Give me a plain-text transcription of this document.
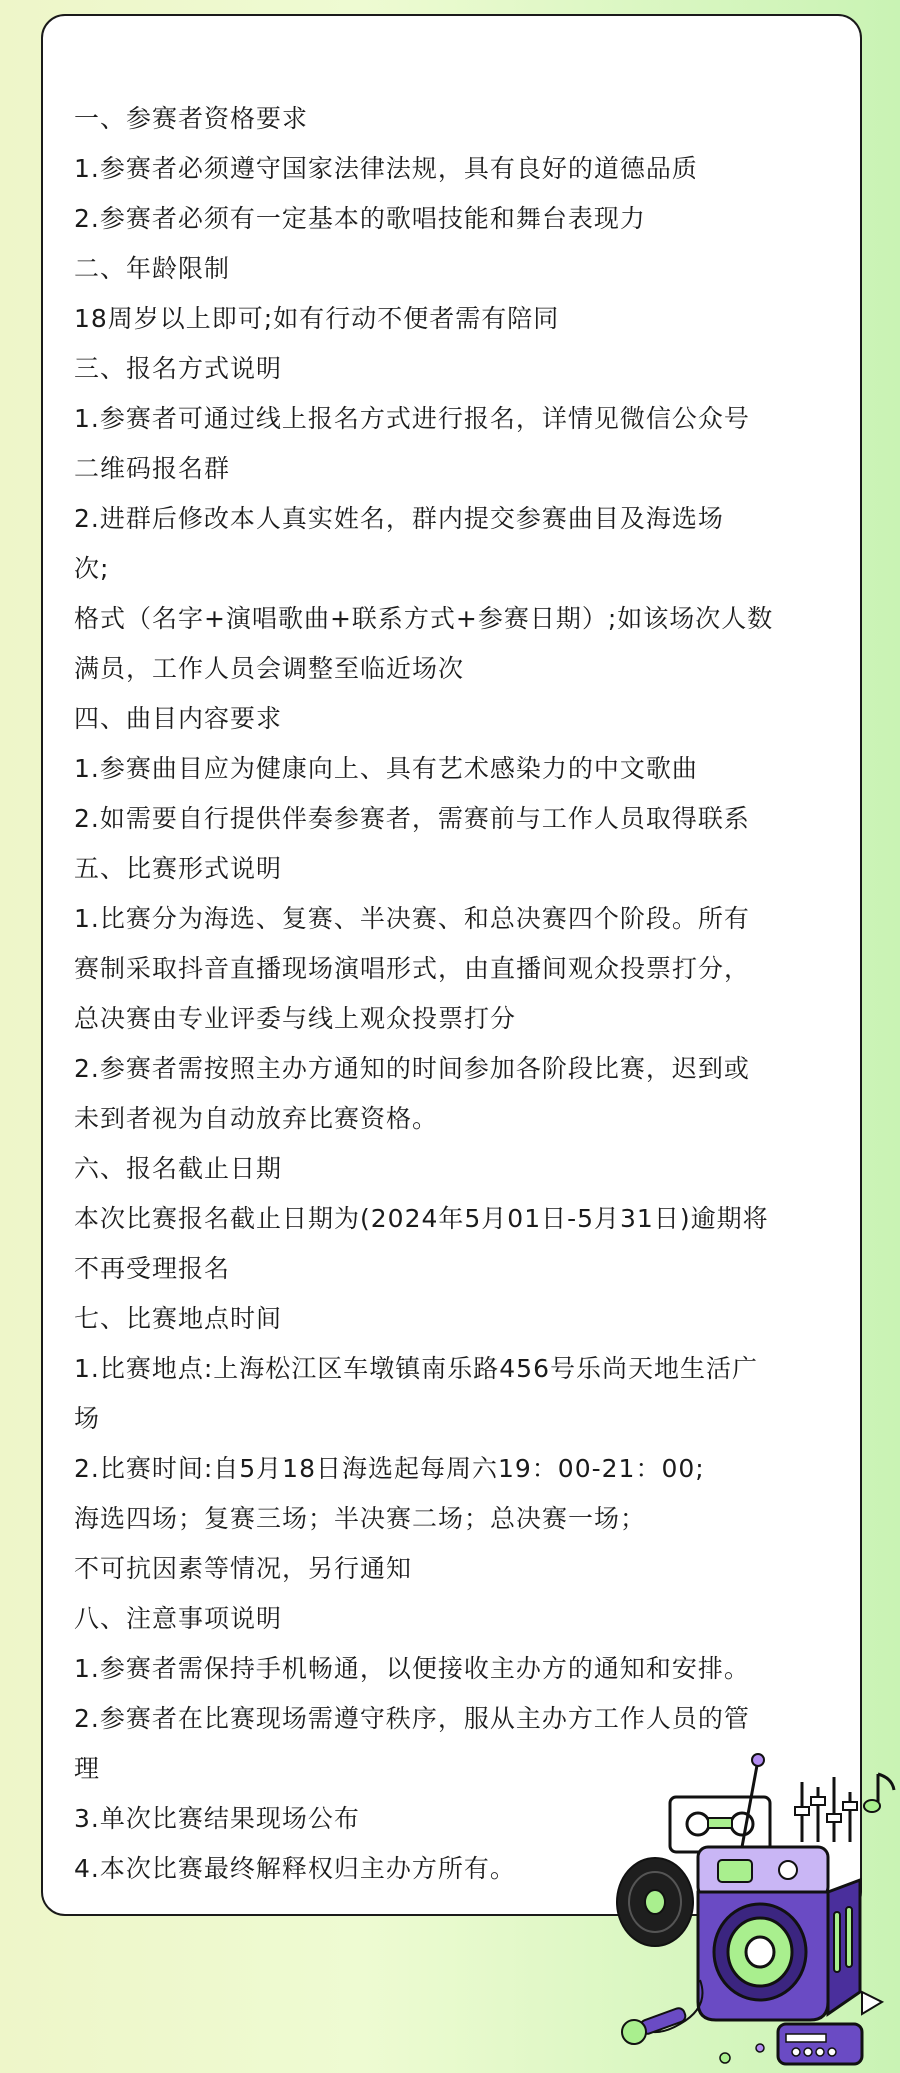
一、参赛者资格要求
1.参赛者必须遵守国家法律法规，具有良好的道德品质
2.参赛者必须有一定基本的歌唱技能和舞台表现力
二、年龄限制
18周岁以上即可;如有行动不便者需有陪同
三、报名方式说明
1.参赛者可通过线上报名方式进行报名，详情见微信公众号
二维码报名群
2.进群后修改本人真实姓名，群内提交参赛曲目及海选场
次;
格式（名字+演唱歌曲+联系方式+参赛日期）;如该场次人数
满员，工作人员会调整至临近场次
四、曲目内容要求
1.参赛曲目应为健康向上、具有艺术感染力的中文歌曲
2.如需要自行提供伴奏参赛者，需赛前与工作人员取得联系
五、比赛形式说明
1.比赛分为海选、复赛、半决赛、和总决赛四个阶段。所有
赛制采取抖音直播现场演唱形式，由直播间观众投票打分，
总决赛由专业评委与线上观众投票打分
2.参赛者需按照主办方通知的时间参加各阶段比赛，迟到或
未到者视为自动放弃比赛资格。
六、报名截止日期
本次比赛报名截止日期为(2024年5月01日-5月31日)逾期将
不再受理报名
七、比赛地点时间
1.比赛地点:上海松江区车墩镇南乐路456号乐尚天地生活广
场
2.比赛时间:自5月18日海选起每周六19：00-21：00;
海选四场；复赛三场；半决赛二场；总决赛一场；
不可抗因素等情况，另行通知
八、注意事项说明
1.参赛者需保持手机畅通，以便接收主办方的通知和安排。
2.参赛者在比赛现场需遵守秩序，服从主办方工作人员的管
理
3.单次比赛结果现场公布
4.本次比赛最终解释权归主办方所有。
